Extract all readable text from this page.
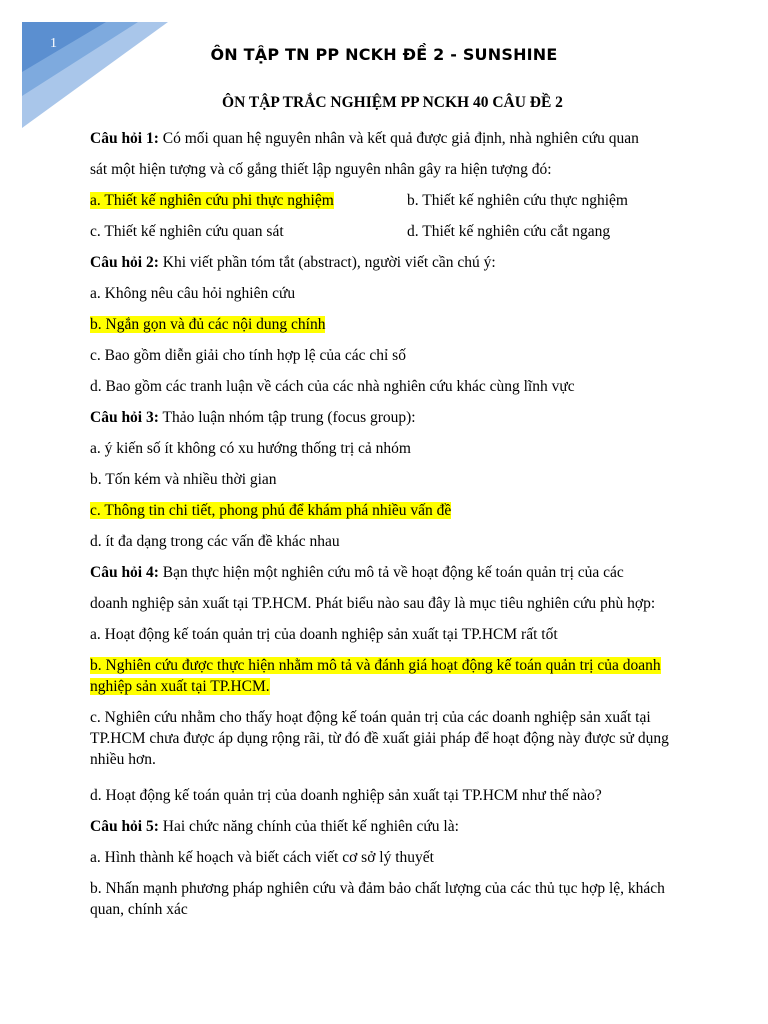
1
ÔN TẬP TN PP NCKH ĐỀ 2 - SUNSHINE

ÔN TẬP TRẮC NGHIỆM PP NCKH 40 CÂU ĐỀ 2

Câu hỏi 1: Có mối quan hệ nguyên nhân và kết quả được giả định, nhà nghiên cứu quan

sát một hiện tượng và cố gắng thiết lập nguyên nhân gây ra hiện tượng đó:

a. Thiết kế nghiên cứu phi thực nghiệm	b. Thiết kế nghiên cứu thực nghiệm
c. Thiết kế nghiên cứu quan sát	d. Thiết kế nghiên cứu cắt ngang

Câu hỏi 2: Khi viết phần tóm tắt (abstract), người viết cần chú ý:

a. Không nêu câu hỏi nghiên cứu

b. Ngắn gọn và đủ các nội dung chính

c. Bao gồm diễn giải cho tính hợp lệ của các chỉ số

d. Bao gồm các tranh luận về cách của các nhà nghiên cứu khác cùng lĩnh vực

Câu hỏi 3: Thảo luận nhóm tập trung (focus group):

a. ý kiến số ít không có xu hướng thống trị cả nhóm

b. Tốn kém và nhiều thời gian

c. Thông tin chi tiết, phong phú để khám phá nhiều vấn đề

d. ít đa dạng trong các vấn đề khác nhau

Câu hỏi 4: Bạn thực hiện một nghiên cứu mô tả về hoạt động kế toán quản trị của các

doanh nghiệp sản xuất tại TP.HCM. Phát biểu nào sau đây là mục tiêu nghiên cứu phù hợp:

a. Hoạt động kế toán quản trị của doanh nghiệp sản xuất tại TP.HCM rất tốt

b. Nghiên cứu được thực hiện nhằm mô tả và đánh giá hoạt động kế toán quản trị của doanh nghiệp sản xuất tại TP.HCM.

c. Nghiên cứu nhằm cho thấy hoạt động kế toán quản trị của các doanh nghiệp sản xuất tại TP.HCM chưa được áp dụng rộng rãi, từ đó đề xuất giải pháp để hoạt động này được sử dụng nhiều hơn.

d. Hoạt động kế toán quản trị của doanh nghiệp sản xuất tại TP.HCM như thế nào?

Câu hỏi 5: Hai chức năng chính của thiết kế nghiên cứu là:

a. Hình thành kế hoạch và biết cách viết cơ sở lý thuyết

b. Nhấn mạnh phương pháp nghiên cứu và đảm bảo chất lượng của các thủ tục hợp lệ, khách quan, chính xác
